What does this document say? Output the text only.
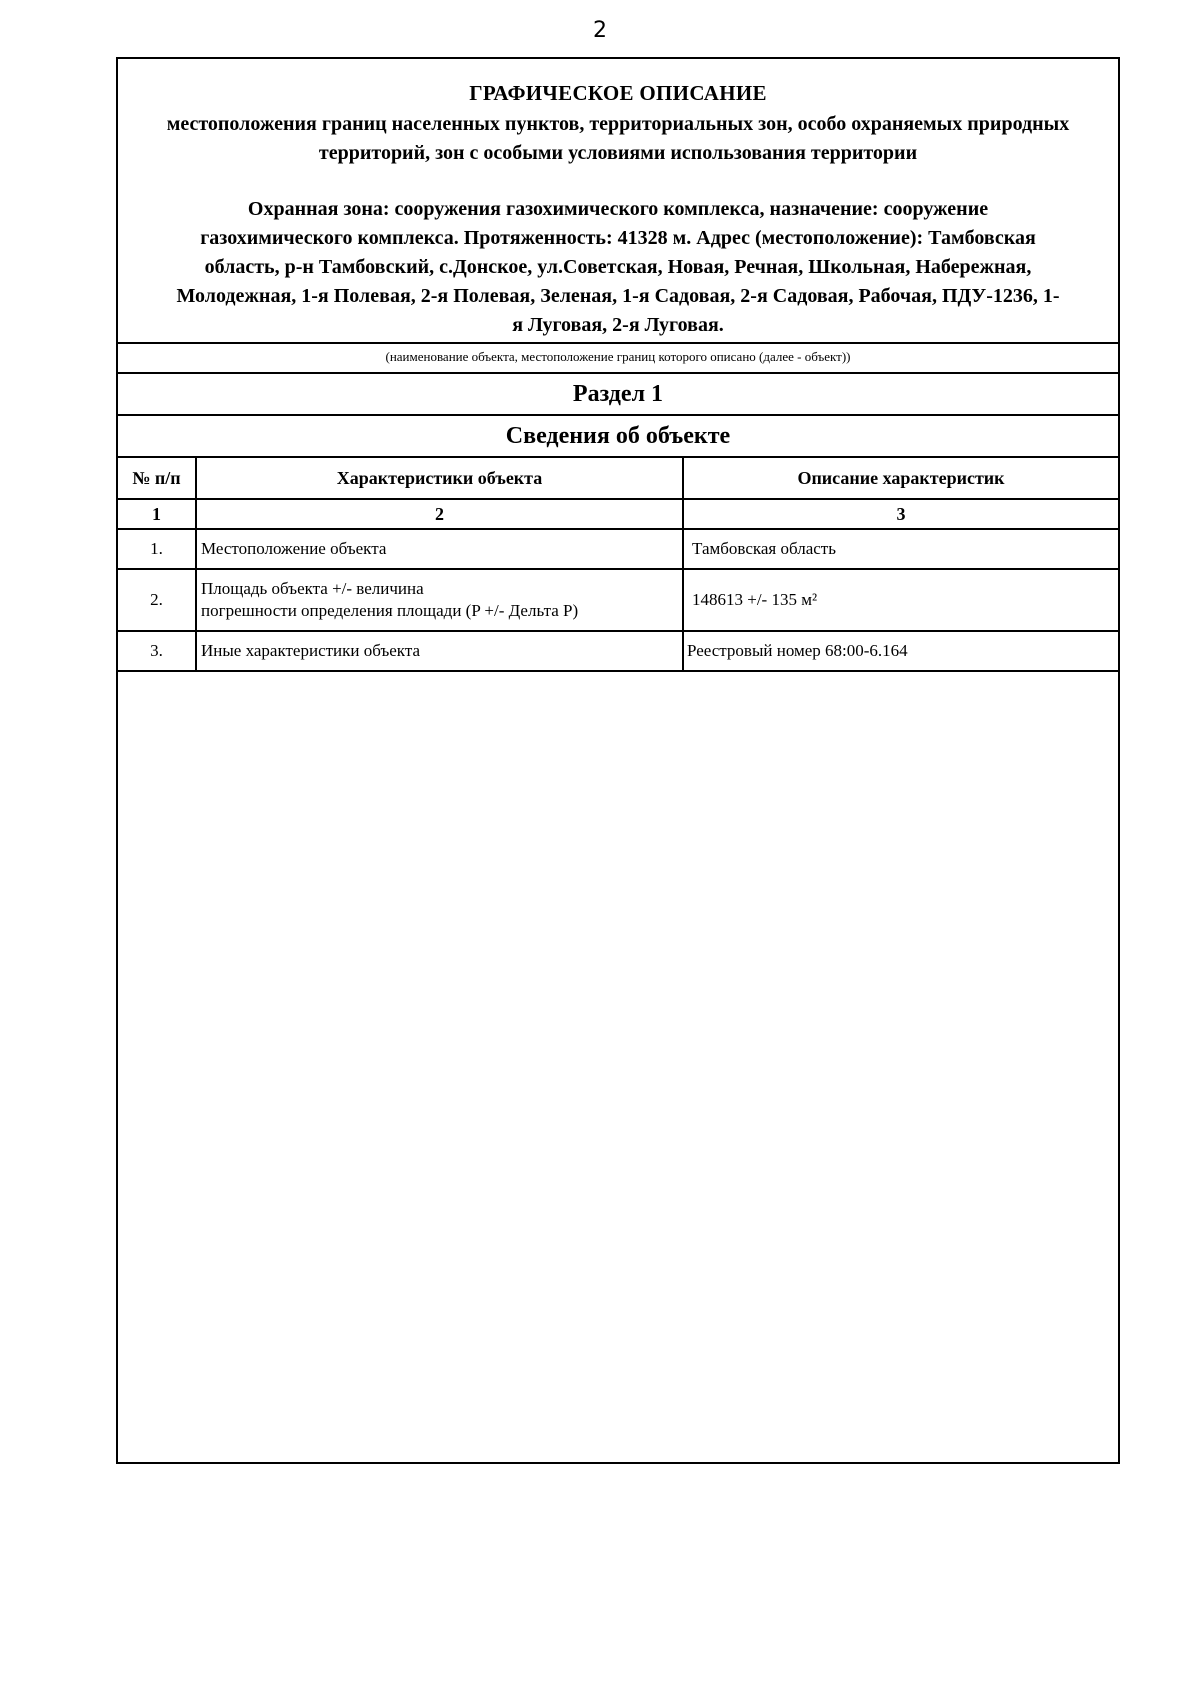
2
ГРАФИЧЕСКОЕ ОПИСАНИЕ
местоположения границ населенных пунктов, территориальных зон, особо охраняемых природных территорий, зон с особыми условиями использования территории
Охранная зона: сооружения газохимического комплекса, назначение: сооружение
газохимического комплекса. Протяженность: 41328 м. Адрес (местоположение): Тамбовская
область, р-н Тамбовский, с.Донское, ул.Советская, Новая, Речная, Школьная, Набережная,
Молодежная, 1-я Полевая, 2-я Полевая, Зеленая, 1-я Садовая, 2-я Садовая, Рабочая, ПДУ-1236, 1-
я Луговая, 2-я Луговая.
(наименование объекта, местоположение границ которого описано (далее - объект))
Раздел 1
Сведения об объекте
№ п/п	Характеристики объекта	Описание характеристик
1	2	3
1.	Местоположение объекта	Тамбовская область
2.	Площадь объекта +/- величина
погрешности определения площади (P +/- Дельта P)	148613 +/- 135 м²
3.	Иные характеристики объекта	Реестровый номер 68:00-6.164
